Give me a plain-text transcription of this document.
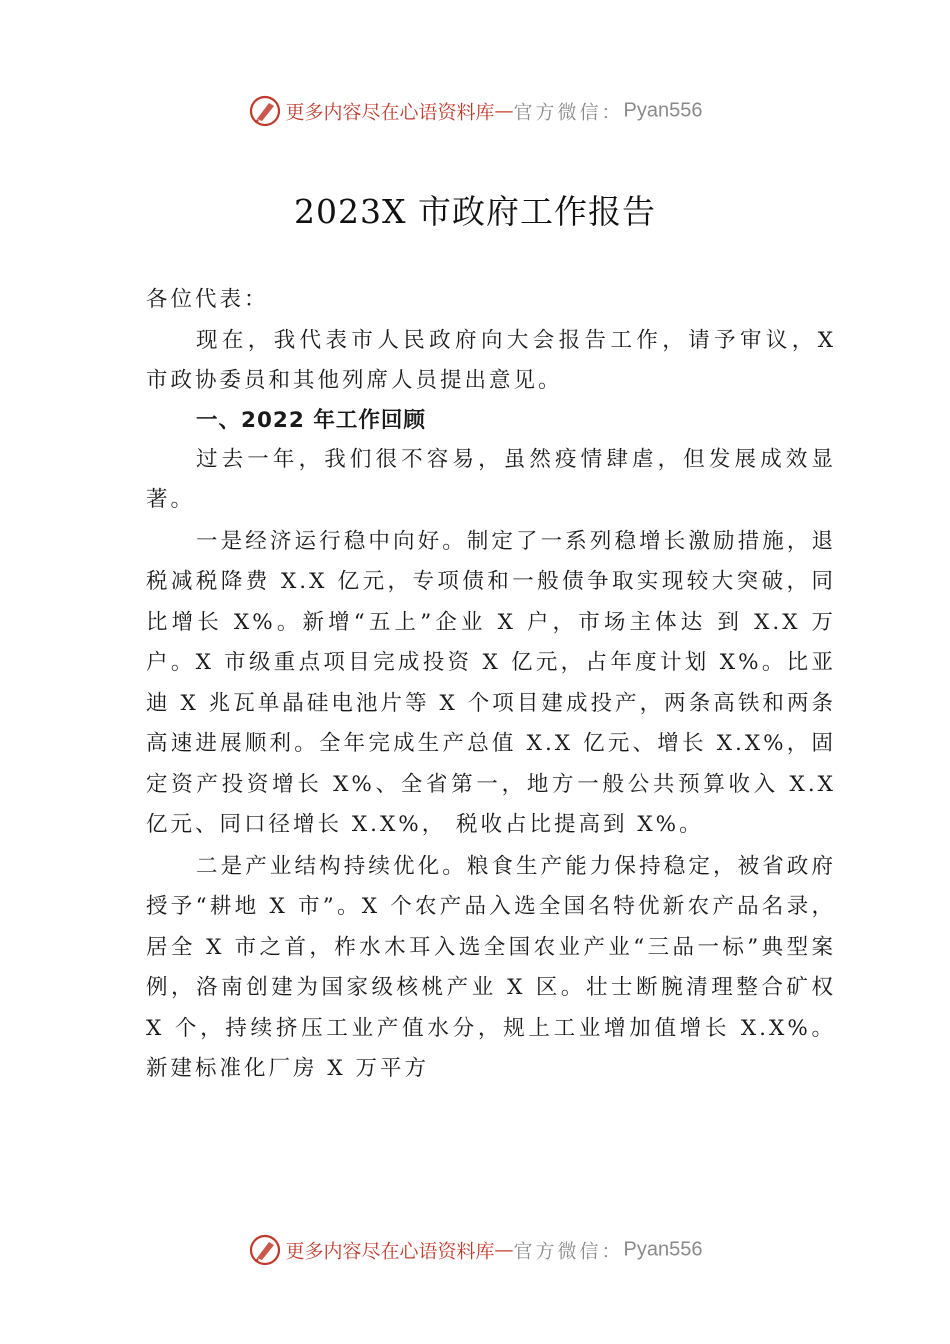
更多内容尽在心语资料库—官方微信：Pyan556
2023X 市政府工作报告

各位代表：

现在，我代表市人民政府向大会报告工作，请予审议，X 市政协委员和其他列席人员提出意见。

一、2022 年工作回顾

过去一年，我们很不容易，虽然疫情肆虐，但发展成效显著。

一是经济运行稳中向好。制定了一系列稳增长激励措施，退税减税降费 X.X 亿元，专项债和一般债争取实现较大突破，同比增长 X%。新增“五上”企业 X 户，市场主体达 到 X.X 万户。X 市级重点项目完成投资 X 亿元，占年度计划 X%。比亚迪 X 兆瓦单晶硅电池片等 X 个项目建成投产，两条高铁和两条高速进展顺利。全年完成生产总值 X.X 亿元、增长 X.X%，固定资产投资增长 X%、全省第一，地方一般公共预算收入 X.X 亿元、同口径增长 X.X%， 税收占比提高到 X%。

二是产业结构持续优化。粮食生产能力保持稳定，被省政府授予“耕地 X 市”。X 个农产品入选全国名特优新农产品名录，居全 X 市之首，柞水木耳入选全国农业产业“三品一标”典型案例，洛南创建为国家级核桃产业 X 区。壮士断腕清理整合矿权 X 个，持续挤压工业产值水分，规上工业增加值增长 X.X%。新建标准化厂房 X 万平方

更多内容尽在心语资料库—官方微信：Pyan556
